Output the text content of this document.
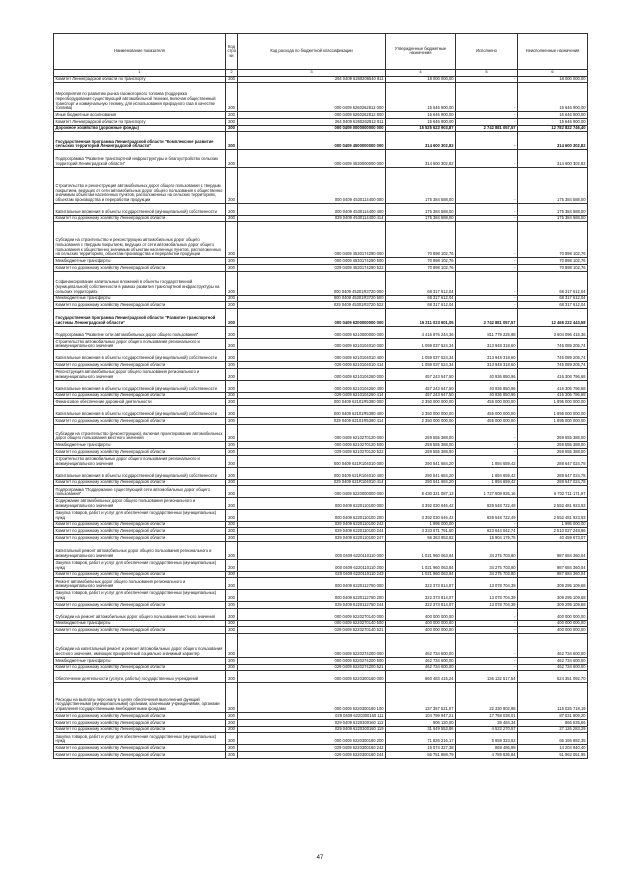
Наименование показателя	Код стро ки	Код расхода по бюджетной классификации	Утвержденные бюджетные назначения	Исполнено	Неисполненные назначения
1	2	3	4	5	6
Комитет Ленинградской области по транспорту	200	264 0409 6260206540 811	18 000 000,00	-	18 000 000,00
Мероприятия по развитию рынка газомоторного топлива (поддержка переоборудования существующей автомобильной техники, включая общественный транспорт и коммунальную технику, для использования природного газа в качестве топлива)	200	000 0409 6260262812 000	15 646 900,00	-	15 646 900,00
Иные бюджетные ассигнования	200	000 0409 6260262812 800	15 646 900,00	-	15 646 900,00
Комитет Ленинградской области по транспорту	200	264 0409 6260262812 811	15 646 900,00	-	15 646 900,00
Дорожное хозяйство (дорожные фонды)	200	000 0409 0000000000 000	15 525 623 903,87	2 742 881 057,57	12 782 822 746,40
Государственная программа Ленинградской области "Комплексное развитие сельских территорий Ленинградской области"	200	000 0409 4500000000 000	314 600 302,82	-	314 600 302,82
Подпрограмма "Развитие транспортной инфраструктуры и благоустройство сельских территорий Ленинградской области"	200	000 0409 4530000000 000	314 600 302,82	-	314 600 302,82
Строительство и реконструкция автомобильных дорог общего пользования с твердым покрытием, ведущих от сети автомобильных дорог общего пользования к общественно значимым объектам населенных пунктов, расположенных на сельских территориях, объектам производства и переработки продукции	200	000 0409 4530114400 000	175 384 588,00	-	175 384 588,00
Капитальные вложения в объекты государственной (муниципальной) собственности	200	000 0409 4530114400 400	175 384 588,00	-	175 384 588,00
Комитет по дорожному хозяйству Ленинградской области	200	029 0409 4530114400 414	175 384 588,00	-	175 384 588,00
Субсидии на строительство и реконструкцию автомобильных дорог общего пользования с твердым покрытием, ведущих от сети автомобильных дорог общего пользования к общественно значимым объектам населенных пунктов, расположенных на сельских территориях, объектам производства и переработки продукции	200	000 0409 4530174290 000	70 898 102,76	-	70 898 102,76
Межбюджетные трансферты	200	000 0409 4530174290 500	70 898 102,76	-	70 898 102,76
Комитет по дорожному хозяйству Ленинградской области	200	029 0409 4530174290 522	70 898 102,76	-	70 898 102,76
Софинансирование капитальных вложений в объекты государственной (муниципальной) собственности в рамках развития транспортной инфраструктуры на сельских территориях	200	000 0409 45301R3720 000	68 317 612,04	-	68 317 612,04
Межбюджетные трансферты	200	000 0409 45301R3720 500	68 317 612,04	-	68 317 612,04
Комитет по дорожному хозяйству Ленинградской области	200	029 0409 45301R3720 522	68 317 612,04	-	68 317 612,04
Государственная программа Ленинградской области "Развитие транспортной системы Ленинградской области"	200	000 0409 6200000000 000	15 211 023 601,05	2 742 881 057,57	12 468 222 443,58
Подпрограмма "Развитие сети автомобильных дорог общего пользования"	200	000 0409 6210000000 000	4 416 876 244,36	811 779 225,98	3 604 096 415,36
Строительство автомобильных дорог общего пользования регионального и межмуниципального значения	200	000 0409 6210104010 000	1 059 037 524,34	313 948 318,60	745 089 205,74
Капитальные вложения в объекты государственной (муниципальной) собственности	200	000 0409 6210104010 400	1 059 037 524,34	313 948 318,60	745 089 205,74
Комитет по дорожному хозяйству Ленинградской области	200	029 0409 6210104010 414	1 059 037 524,34	313 948 318,60	745 089 205,74
Реконструкция автомобильных дорог общего пользования регионального и межмуниципального значения	200	000 0409 6210104260 000	457 243 647,50	40 936 850,96	416 306 796,68
Капитальные вложения в объекты государственной (муниципальной) собственности	200	000 0409 6210104260 400	457 243 647,50	40 936 850,96	416 306 796,68
Комитет по дорожному хозяйству Ленинградской области	200	029 0409 6210104260 414	457 243 647,50	40 936 850,96	416 306 796,68
Финансовое обеспечение дорожной деятельности	200	000 0409 62101R5390 000	2 350 000 000,00	455 000 000,00	1 895 000 000,00
Капитальные вложения в объекты государственной (муниципальной) собственности	200	000 0409 62101R5390 400	2 350 000 000,00	455 000 000,00	1 895 000 000,00
Комитет по дорожному хозяйству Ленинградской области	200	029 0409 62101R5390 414	2 350 000 000,00	455 000 000,00	1 895 000 000,00
Субсидии на строительство (реконструкцию), включая проектирование автомобильных дорог общего пользования местного значения	200	000 0409 6210270120 000	259 555 388,00	-	259 555 388,00
Межбюджетные трансферты	200	000 0409 6210270120 500	259 555 388,00	-	259 555 388,00
Комитет по дорожному хозяйству Ленинградской области	200	029 0409 6210270120 522	259 555 388,00	-	259 555 388,00
Строительство автомобильных дорог общего пользования регионального и межмуниципального значения	200	000 0409 621R104010 000	290 541 684,20	1 894 659,42	288 647 024,78
Капитальные вложения в объекты государственной (муниципальной) собственности	200	000 0409 621R104010 400	290 541 684,20	1 894 659,42	288 647 024,78
Комитет по дорожному хозяйству Ленинградской области	200	029 0409 621R104010 414	290 541 684,20	1 894 659,42	288 647 024,78
Подпрограмма "Поддержание существующей сети автомобильных дорог общего пользования"	200	000 0409 6220000000 000	8 430 321 087,13	1 727 609 925,16	6 702 711 171,97
Содержание автомобильных дорог общего пользования регионального и межмуниципального значения	200	000 0409 6220110100 000	3 392 030 646,42	839 548 722,49	2 552 481 923,93
Закупка товаров, работ и услуг для обеспечения государственных (муниципальных) нужд	200	000 0409 6220110100 200	3 392 030 646,42	839 548 722,49	2 552 481 923,93
Комитет по дорожному хозяйству Ленинградской области	200	029 0409 6220110100 242	1 995 000,00	-	1 995 000,00
Комитет по дорожному хозяйству Ленинградской области	200	029 0409 6220110100 244	3 333 671 791,60	823 644 542,74	2 510 027 248,86
Комитет по дорожному хозяйству Ленинградской области	200	029 0409 6220110100 247	56 363 853,82	15 904 179,75	40 459 673,07
Капитальный ремонт автомобильных дорог общего пользования регионального и межмуниципального значения	200	000 0409 6220110110 000	1 021 960 063,84	34 275 703,80	987 684 360,04
Закупка товаров, работ и услуг для обеспечения государственных (муниципальных) нужд	200	000 0409 6220110110 200	1 021 960 063,84	34 275 703,80	987 684 360,04
Комитет по дорожному хозяйству Ленинградской области	200	029 0409 6220110110 243	1 021 960 063,84	34 275 703,80	987 684 360,04
Ремонт автомобильных дорог общего пользования регионального и межмуниципального значения	200	000 0409 6220112750 000	322 373 814,07	13 078 704,39	309 295 109,68
Закупка товаров, работ и услуг для обеспечения государственных (муниципальных) нужд	200	000 0409 6220112750 200	322 373 814,07	13 078 704,39	309 295 109,68
Комитет по дорожному хозяйству Ленинградской области	200	029 0409 6220112750 244	322 373 814,07	13 078 704,39	309 295 109,68
Субсидии на ремонт автомобильных дорог общего пользования местного значения	200	000 0409 6220270140 000	400 000 000,00	-	400 000 000,00
Межбюджетные трансферты	200	000 0409 6220270140 500	400 000 000,00	-	400 000 000,00
Комитет по дорожному хозяйству Ленинградской области	200	029 0409 6220270140 521	400 000 000,00	-	400 000 000,00
Субсидии на капитальный ремонт и ремонт автомобильных дорог общего пользования местного значения, имеющих приоритетный социально значимый характер	200	000 0409 6220274200 000	462 734 600,00	-	462 734 600,00
Межбюджетные трансферты	200	000 0409 6220274200 500	462 734 600,00	-	462 734 600,00
Комитет по дорожному хозяйству Ленинградской области	200	029 0409 6220274200 521	462 734 600,00	-	462 734 600,00
Обеспечение деятельности (услуги, работы) государственных учреждений	200	000 0409 6220300160 000	660 483 415,24	136 132 517,54	524 351 092,70
Расходы на выплаты персоналу в целях обеспечения выполнения функций государственными (муниципальными) органами, казенными учреждениями, органами управления государственными внебюджетными фондами	200	000 0409 6220300160 100	137 357 521,07	22 330 802,88	115 026 718,19
Комитет по дорожному хозяйству Ленинградской области	200	029 0409 6220300160 111	104 799 947,21	17 768 038,01	87 031 909,20
Комитет по дорожному хозяйству Ленинградской области	200	029 0409 6220300160 112	906 120,00	39 484,34	866 635,66
Комитет по дорожному хозяйству Ленинградской области	200	029 0409 6220300160 119	31 649 553,86	4 523 270,57	27 126 283,29
Закупка товаров, работ и услуг для обеспечения государственных (муниципальных) нужд	200	000 0409 6220300160 200	71 826 216,17	5 659 323,82	66 166 892,35
Комитет по дорожному хозяйству Ленинградской области	200	029 0409 6220300160 242	15 074 327,38	869 486,98	14 204 840,40
Комитет по дорожному хозяйству Ленинградской области	200	029 0409 6220300160 244	56 751 888,79	4 789 836,84	51 962 051,95
47
